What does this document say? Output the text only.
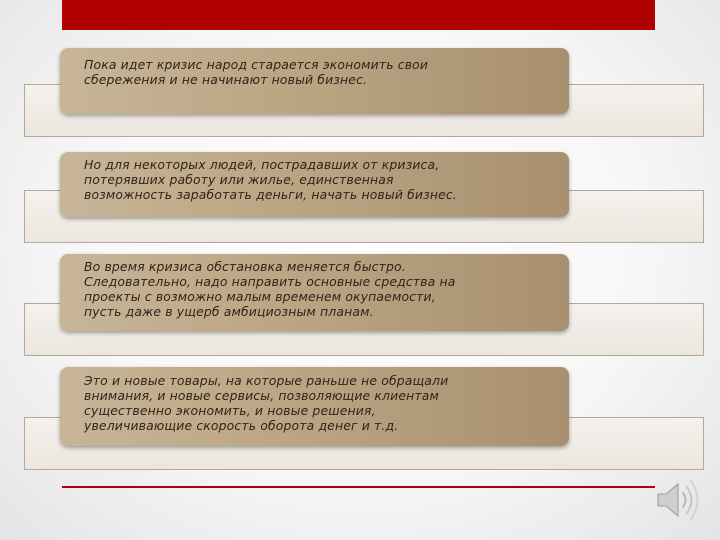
Пока идет кризис народ старается экономить свои
сбережения и не начинают новый бизнес.

Но для некоторых людей, пострадавших от кризиса,
потерявших работу или жилье, единственная
возможность заработать деньги, начать новый бизнес.

Во время кризиса обстановка меняется быстро.
Следовательно, надо направить основные средства на
проекты с возможно малым временем окупаемости,
пусть даже в ущерб амбициозным планам.

Это и новые товары, на которые раньше не обращали
внимания, и новые сервисы, позволяющие клиентам
существенно экономить, и новые решения,
увеличивающие скорость оборота денег и т.д.
